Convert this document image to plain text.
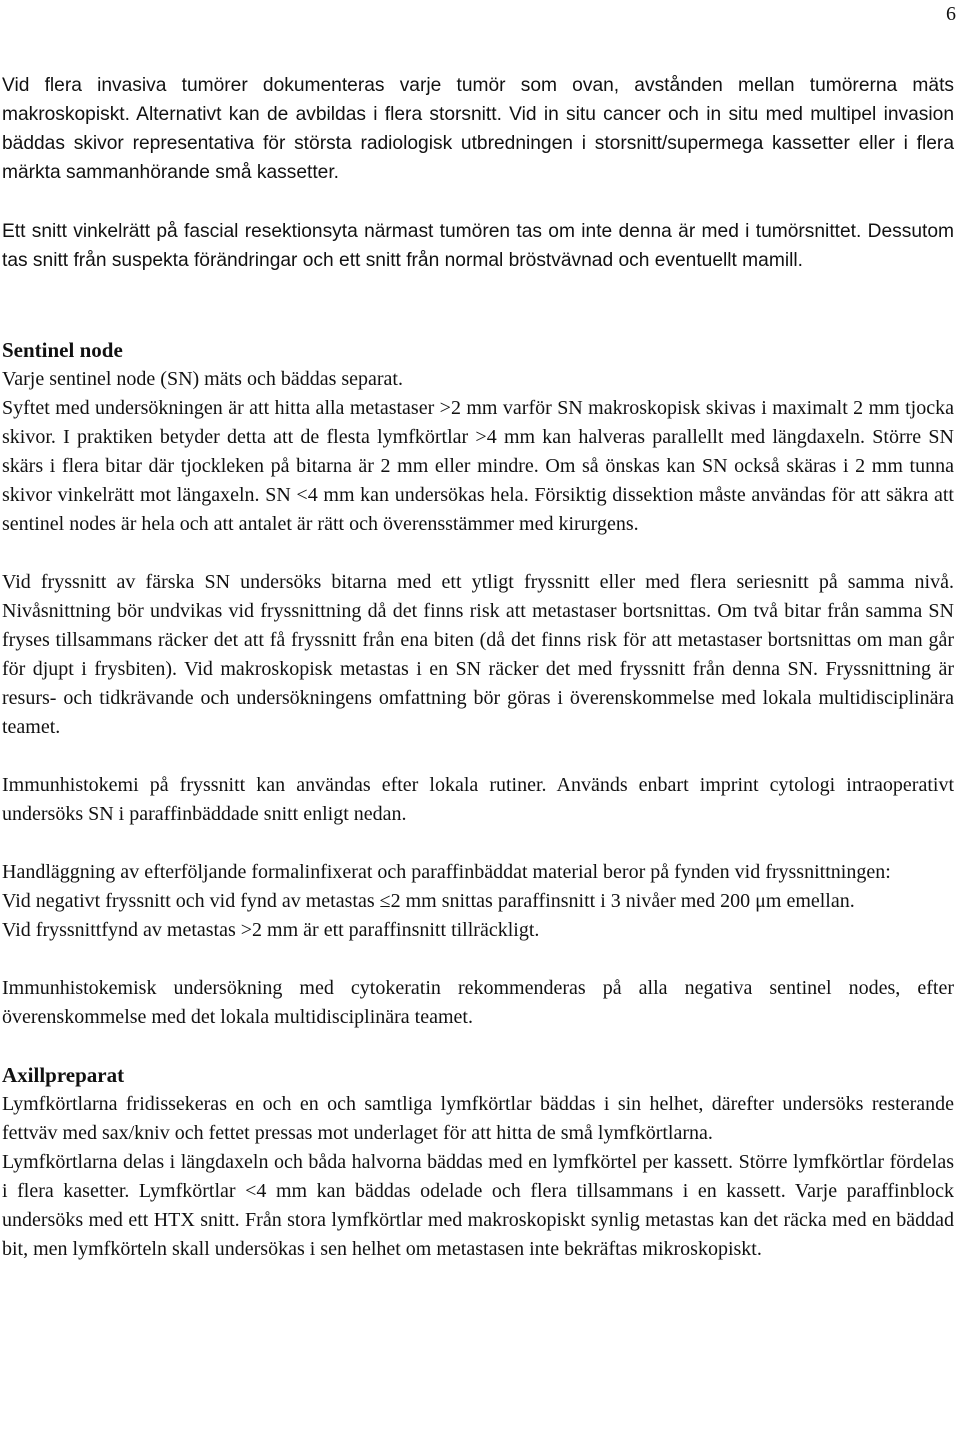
6

Vid flera invasiva tumörer dokumenteras varje tumör som ovan, avstånden mellan tumörerna mäts makroskopiskt. Alternativt kan de avbildas i flera storsnitt. Vid in situ cancer och in situ med multipel invasion bäddas skivor representativa för största radiologisk utbredningen i storsnitt/supermega kassetter eller i flera märkta sammanhörande små kassetter.

Ett snitt vinkelrätt på fascial resektionsyta närmast tumören tas om inte denna är med i tumörsnittet. Dessutom tas snitt från suspekta förändringar och ett snitt från normal bröstvävnad och eventuellt mamill.

Sentinel node

Varje sentinel node (SN) mäts och bäddas separat.

Syftet med undersökningen är att hitta alla metastaser >2 mm varför SN makroskopisk skivas i maximalt 2 mm tjocka skivor. I praktiken betyder detta att de flesta lymfkörtlar >4 mm kan halveras parallellt med längdaxeln. Större SN skärs i flera bitar där tjockleken på bitarna är 2 mm eller mindre. Om så önskas kan SN också skäras i 2 mm tunna skivor vinkelrätt mot längaxeln. SN <4 mm kan undersökas hela. Försiktig dissektion måste användas för att säkra att sentinel nodes är hela och att antalet är rätt och överensstämmer med kirurgens.

Vid fryssnitt av färska SN undersöks bitarna med ett ytligt fryssnitt eller med flera seriesnitt på samma nivå. Nivåsnittning bör undvikas vid fryssnittning då det finns risk att metastaser bortsnittas. Om två bitar från samma SN fryses tillsammans räcker det att få fryssnitt från ena biten (då det finns risk för att metastaser bortsnittas om man går för djupt i frysbiten). Vid makroskopisk metastas i en SN räcker det med fryssnitt från denna SN. Fryssnittning är resurs- och tidkrävande och undersökningens omfattning bör göras i överenskommelse med lokala multidisciplinära teamet.

Immunhistokemi på fryssnitt kan användas efter lokala rutiner. Används enbart imprint cytologi intraoperativt undersöks SN i paraffinbäddade snitt enligt nedan.

Handläggning av efterföljande formalinfixerat och paraffinbäddat material beror på fynden vid fryssnittningen:

Vid negativt fryssnitt och vid fynd av metastas ≤2 mm snittas paraffinsnitt i 3 nivåer med 200 μm emellan.

Vid fryssnittfynd av metastas >2 mm är ett paraffinsnitt tillräckligt.

Immunhistokemisk undersökning med cytokeratin rekommenderas på alla negativa sentinel nodes, efter överenskommelse med det lokala multidisciplinära teamet.

Axillpreparat

Lymfkörtlarna fridissekeras en och en och samtliga lymfkörtlar bäddas i sin helhet, därefter undersöks resterande fettväv med sax/kniv och fettet pressas mot underlaget för att hitta de små lymfkörtlarna.

Lymfkörtlarna delas i längdaxeln och båda halvorna bäddas med en lymfkörtel per kassett. Större lymfkörtlar fördelas i flera kasetter. Lymfkörtlar <4 mm kan bäddas odelade och flera tillsammans i en kassett. Varje paraffinblock undersöks med ett HTX snitt. Från stora lymfkörtlar med makroskopiskt synlig metastas kan det räcka med en bäddad bit, men lymfkörteln skall undersökas i sen helhet om metastasen inte bekräftas mikroskopiskt.
